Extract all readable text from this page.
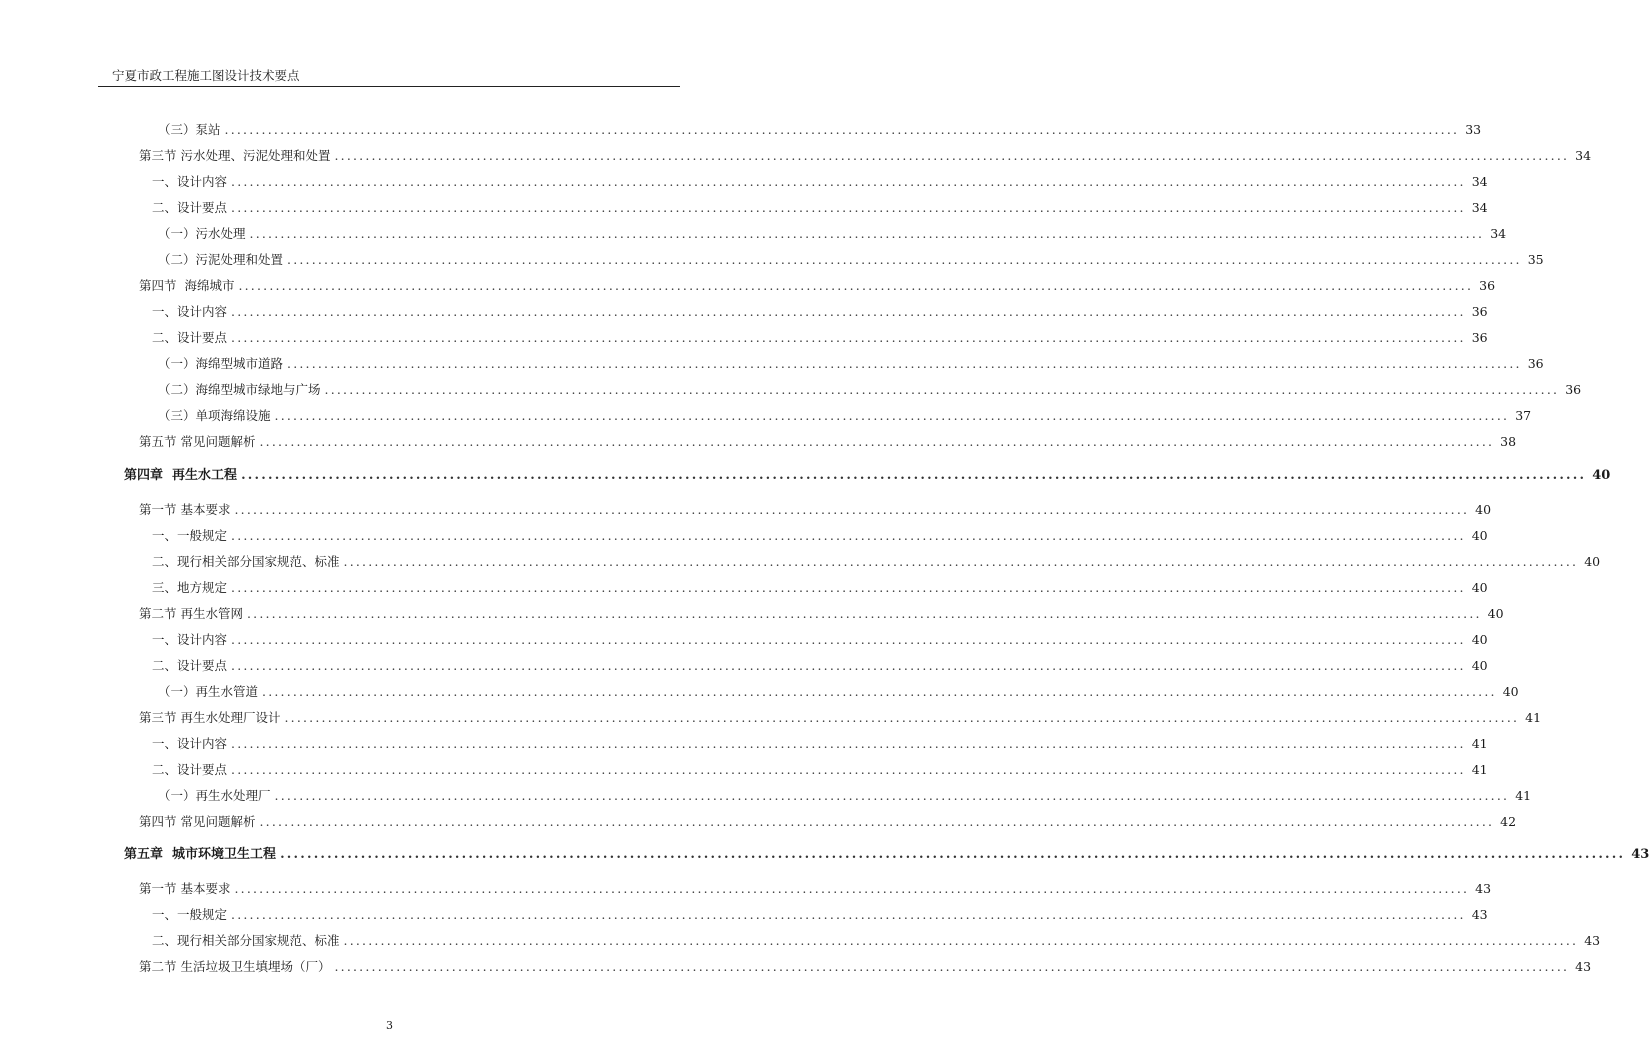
宁夏市政工程施工图设计技术要点
（三）泵站 ........................................................................................................................................................................................................ 33
第三节 污水处理、污泥处理和处置 ........................................................................................................................................................................................................ 34
一、设计内容 ........................................................................................................................................................................................................ 34
二、设计要点 ........................................................................................................................................................................................................ 34
（一）污水处理 ........................................................................................................................................................................................................ 34
（二）污泥处理和处置 ........................................................................................................................................................................................................ 35
第四节  海绵城市 ........................................................................................................................................................................................................ 36
一、设计内容 ........................................................................................................................................................................................................ 36
二、设计要点 ........................................................................................................................................................................................................ 36
（一）海绵型城市道路 ........................................................................................................................................................................................................ 36
（二）海绵型城市绿地与广场 ........................................................................................................................................................................................................ 36
（三）单项海绵设施 ........................................................................................................................................................................................................ 37
第五节 常见问题解析 ........................................................................................................................................................................................................ 38
第四章  再生水工程 ........................................................................................................................................................................................................ 40
第一节 基本要求 ........................................................................................................................................................................................................ 40
一、一般规定 ........................................................................................................................................................................................................ 40
二、现行相关部分国家规范、标准 ........................................................................................................................................................................................................ 40
三、地方规定 ........................................................................................................................................................................................................ 40
第二节 再生水管网 ........................................................................................................................................................................................................ 40
一、设计内容 ........................................................................................................................................................................................................ 40
二、设计要点 ........................................................................................................................................................................................................ 40
（一）再生水管道 ........................................................................................................................................................................................................ 40
第三节 再生水处理厂设计 ........................................................................................................................................................................................................ 41
一、设计内容 ........................................................................................................................................................................................................ 41
二、设计要点 ........................................................................................................................................................................................................ 41
（一）再生水处理厂 ........................................................................................................................................................................................................ 41
第四节 常见问题解析 ........................................................................................................................................................................................................ 42
第五章  城市环境卫生工程 ........................................................................................................................................................................................................ 43
第一节 基本要求 ........................................................................................................................................................................................................ 43
一、一般规定 ........................................................................................................................................................................................................ 43
二、现行相关部分国家规范、标准 ........................................................................................................................................................................................................ 43
第二节 生活垃圾卫生填埋场（厂） ........................................................................................................................................................................................................ 43
3
